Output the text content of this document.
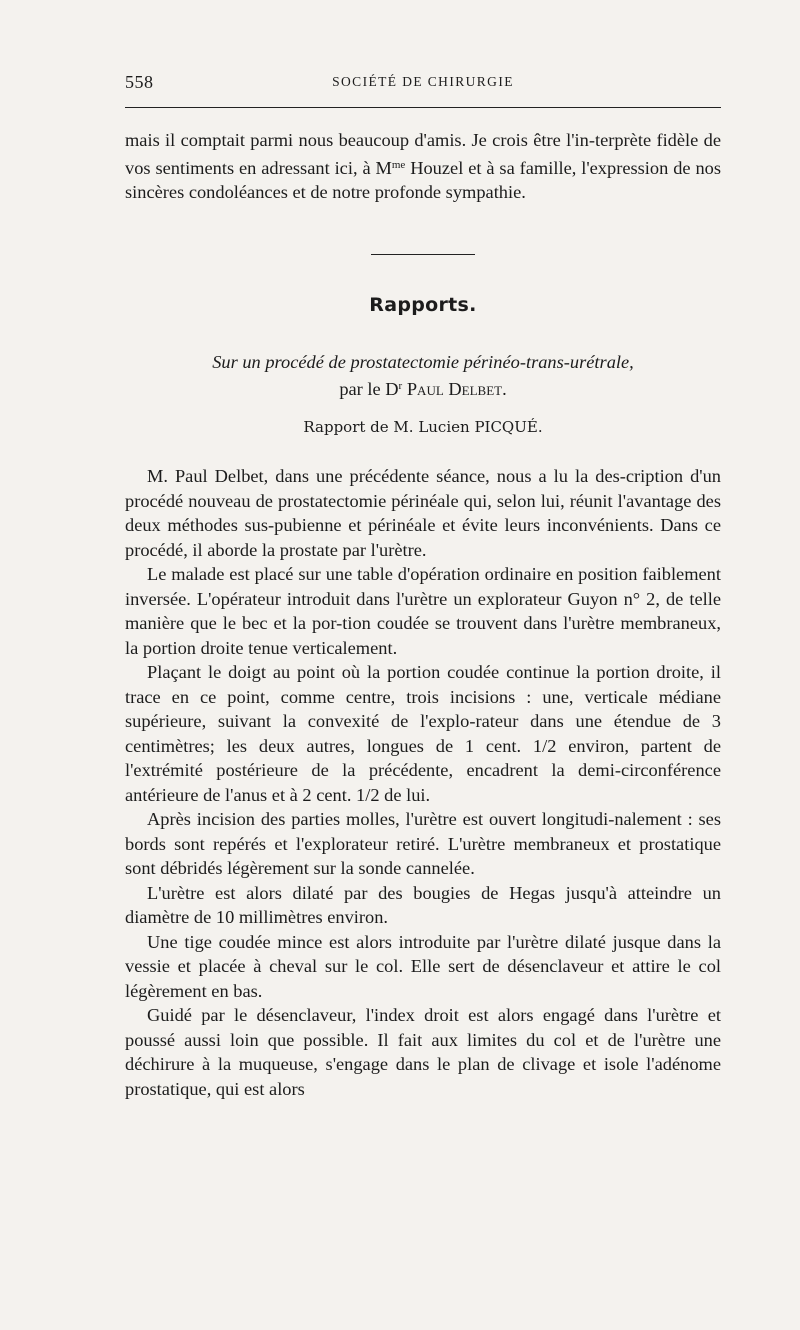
558	SOCIÉTÉ DE CHIRURGIE

mais il comptait parmi nous beaucoup d'amis. Je crois être l'in-terprète fidèle de vos sentiments en adressant ici, à $M^{me}$ Houzel et à sa famille, l'expression de nos sincères condoléances et de notre profonde sympathie.

Rapports.
Sur un procédé de prostatectomie périnéo-trans-urétrale,
par le $D^r$ Paul Delbet.
Rapport de M. Lucien PICQUÉ.

M. Paul Delbet, dans une précédente séance, nous a lu la des-cription d'un procédé nouveau de prostatectomie périnéale qui, selon lui, réunit l'avantage des deux méthodes sus-pubienne et périnéale et évite leurs inconvénients. Dans ce procédé, il aborde la prostate par l'urètre.

Le malade est placé sur une table d'opération ordinaire en position faiblement inversée. L'opérateur introduit dans l'urètre un explorateur Guyon n° 2, de telle manière que le bec et la por-tion coudée se trouvent dans l'urètre membraneux, la portion droite tenue verticalement.

Plaçant le doigt au point où la portion coudée continue la portion droite, il trace en ce point, comme centre, trois incisions : une, verticale médiane supérieure, suivant la convexité de l'explo-rateur dans une étendue de 3 centimètres; les deux autres, longues de 1 cent. 1/2 environ, partent de l'extrémité postérieure de la précédente, encadrent la demi-circonférence antérieure de l'anus et à 2 cent. 1/2 de lui.

Après incision des parties molles, l'urètre est ouvert longitudi-nalement : ses bords sont repérés et l'explorateur retiré. L'urètre membraneux et prostatique sont débridés légèrement sur la sonde cannelée.

L'urètre est alors dilaté par des bougies de Hegas jusqu'à atteindre un diamètre de 10 millimètres environ.

Une tige coudée mince est alors introduite par l'urètre dilaté jusque dans la vessie et placée à cheval sur le col. Elle sert de désenclaveur et attire le col légèrement en bas.

Guidé par le désenclaveur, l'index droit est alors engagé dans l'urètre et poussé aussi loin que possible. Il fait aux limites du col et de l'urètre une déchirure à la muqueuse, s'engage dans le plan de clivage et isole l'adénome prostatique, qui est alors
